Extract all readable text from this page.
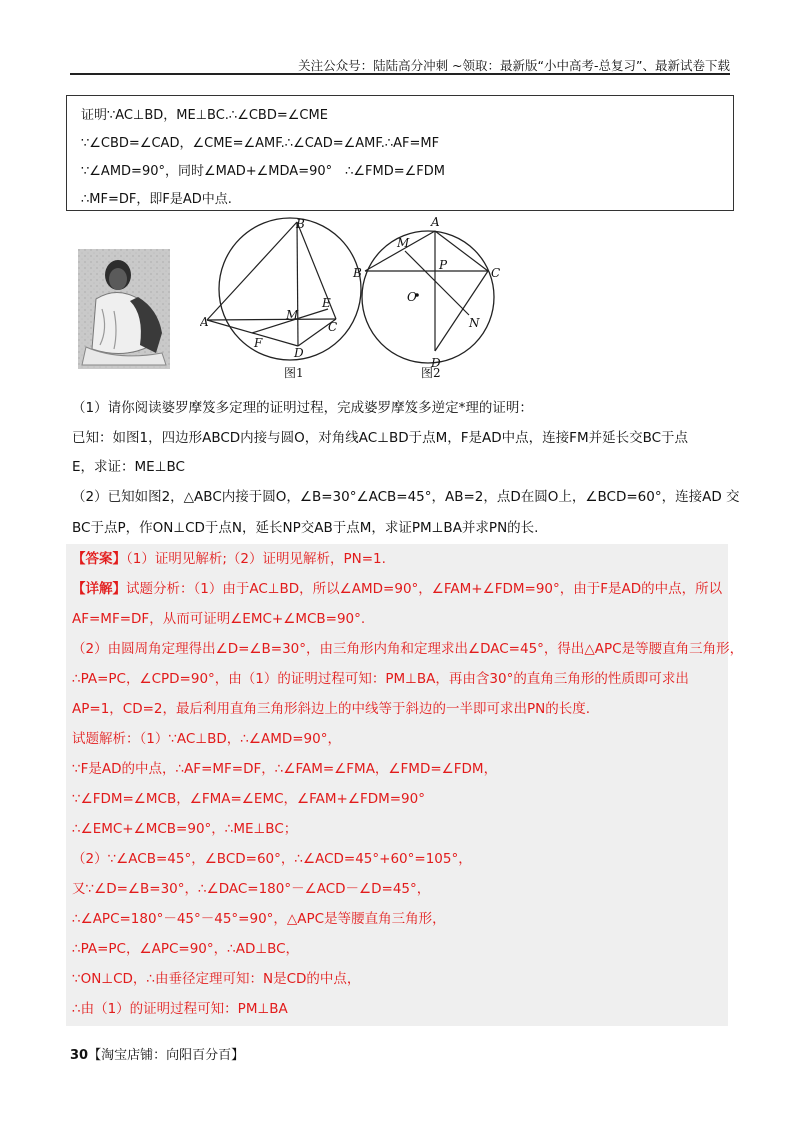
关注公众号：陆陆高分冲刺 ~领取：最新版“小中高考-总复习”、最新试卷下载
证明∵AC⊥BD，ME⊥BC.∴∠CBD=∠CME
∵∠CBD=∠CAD，∠CME=∠AMF.∴∠CAD=∠AMF.∴AF=MF
∵∠AMD=90°，同时∠MAD+∠MDA=90°　∴∠FMD=∠FDM
∴MF=DF，即F是AD中点.
B
A	C
D
E
F
M
图1
A
B	C
D
M
N
O
P
图2
（1）请你阅读婆罗摩笈多定理的证明过程，完成婆罗摩笈多逆定*理的证明：
已知：如图1，四边形ABCD内接与圆O，对角线AC⊥BD于点M，F是AD中点，连接FM并延长交BC于点
E，求证：ME⊥BC
（2）已知如图2，△ABC内接于圆O，∠B=30°∠ACB=45°，AB=2，点D在圆O上，∠BCD=60°，连接AD 交
BC于点P，作ON⊥CD于点N，延长NP交AB于点M，求证PM⊥BA并求PN的长.
【答案】（1）证明见解析;（2）证明见解析，PN=1.
【详解】试题分析：（1）由于AC⊥BD，所以∠AMD=90°，∠FAM+∠FDM=90°，由于F是AD的中点，所以
AF=MF=DF，从而可证明∠EMC+∠MCB=90°.
（2）由圆周角定理得出∠D=∠B=30°，由三角形内角和定理求出∠DAC=45°，得出△APC是等腰直角三角形，
∴PA=PC，∠CPD=90°，由（1）的证明过程可知：PM⊥BA，再由含30°的直角三角形的性质即可求出
AP=1，CD=2，最后利用直角三角形斜边上的中线等于斜边的一半即可求出PN的长度.
试题解析：（1）∵AC⊥BD，∴∠AMD=90°，
∵F是AD的中点，∴AF=MF=DF，∴∠FAM=∠FMA，∠FMD=∠FDM，
∵∠FDM=∠MCB，∠FMA=∠EMC，∠FAM+∠FDM=90°
∴∠EMC+∠MCB=90°，∴ME⊥BC；
（2）∵∠ACB=45°，∠BCD=60°，∴∠ACD=45°+60°=105°，
又∵∠D=∠B=30°，∴∠DAC=180°－∠ACD－∠D=45°，
∴∠APC=180°－45°－45°=90°，△APC是等腰直角三角形，
∴PA=PC，∠APC=90°，∴AD⊥BC，
∵ON⊥CD，∴由垂径定理可知：N是CD的中点，
∴由（1）的证明过程可知：PM⊥BA
30【淘宝店铺：向阳百分百】
